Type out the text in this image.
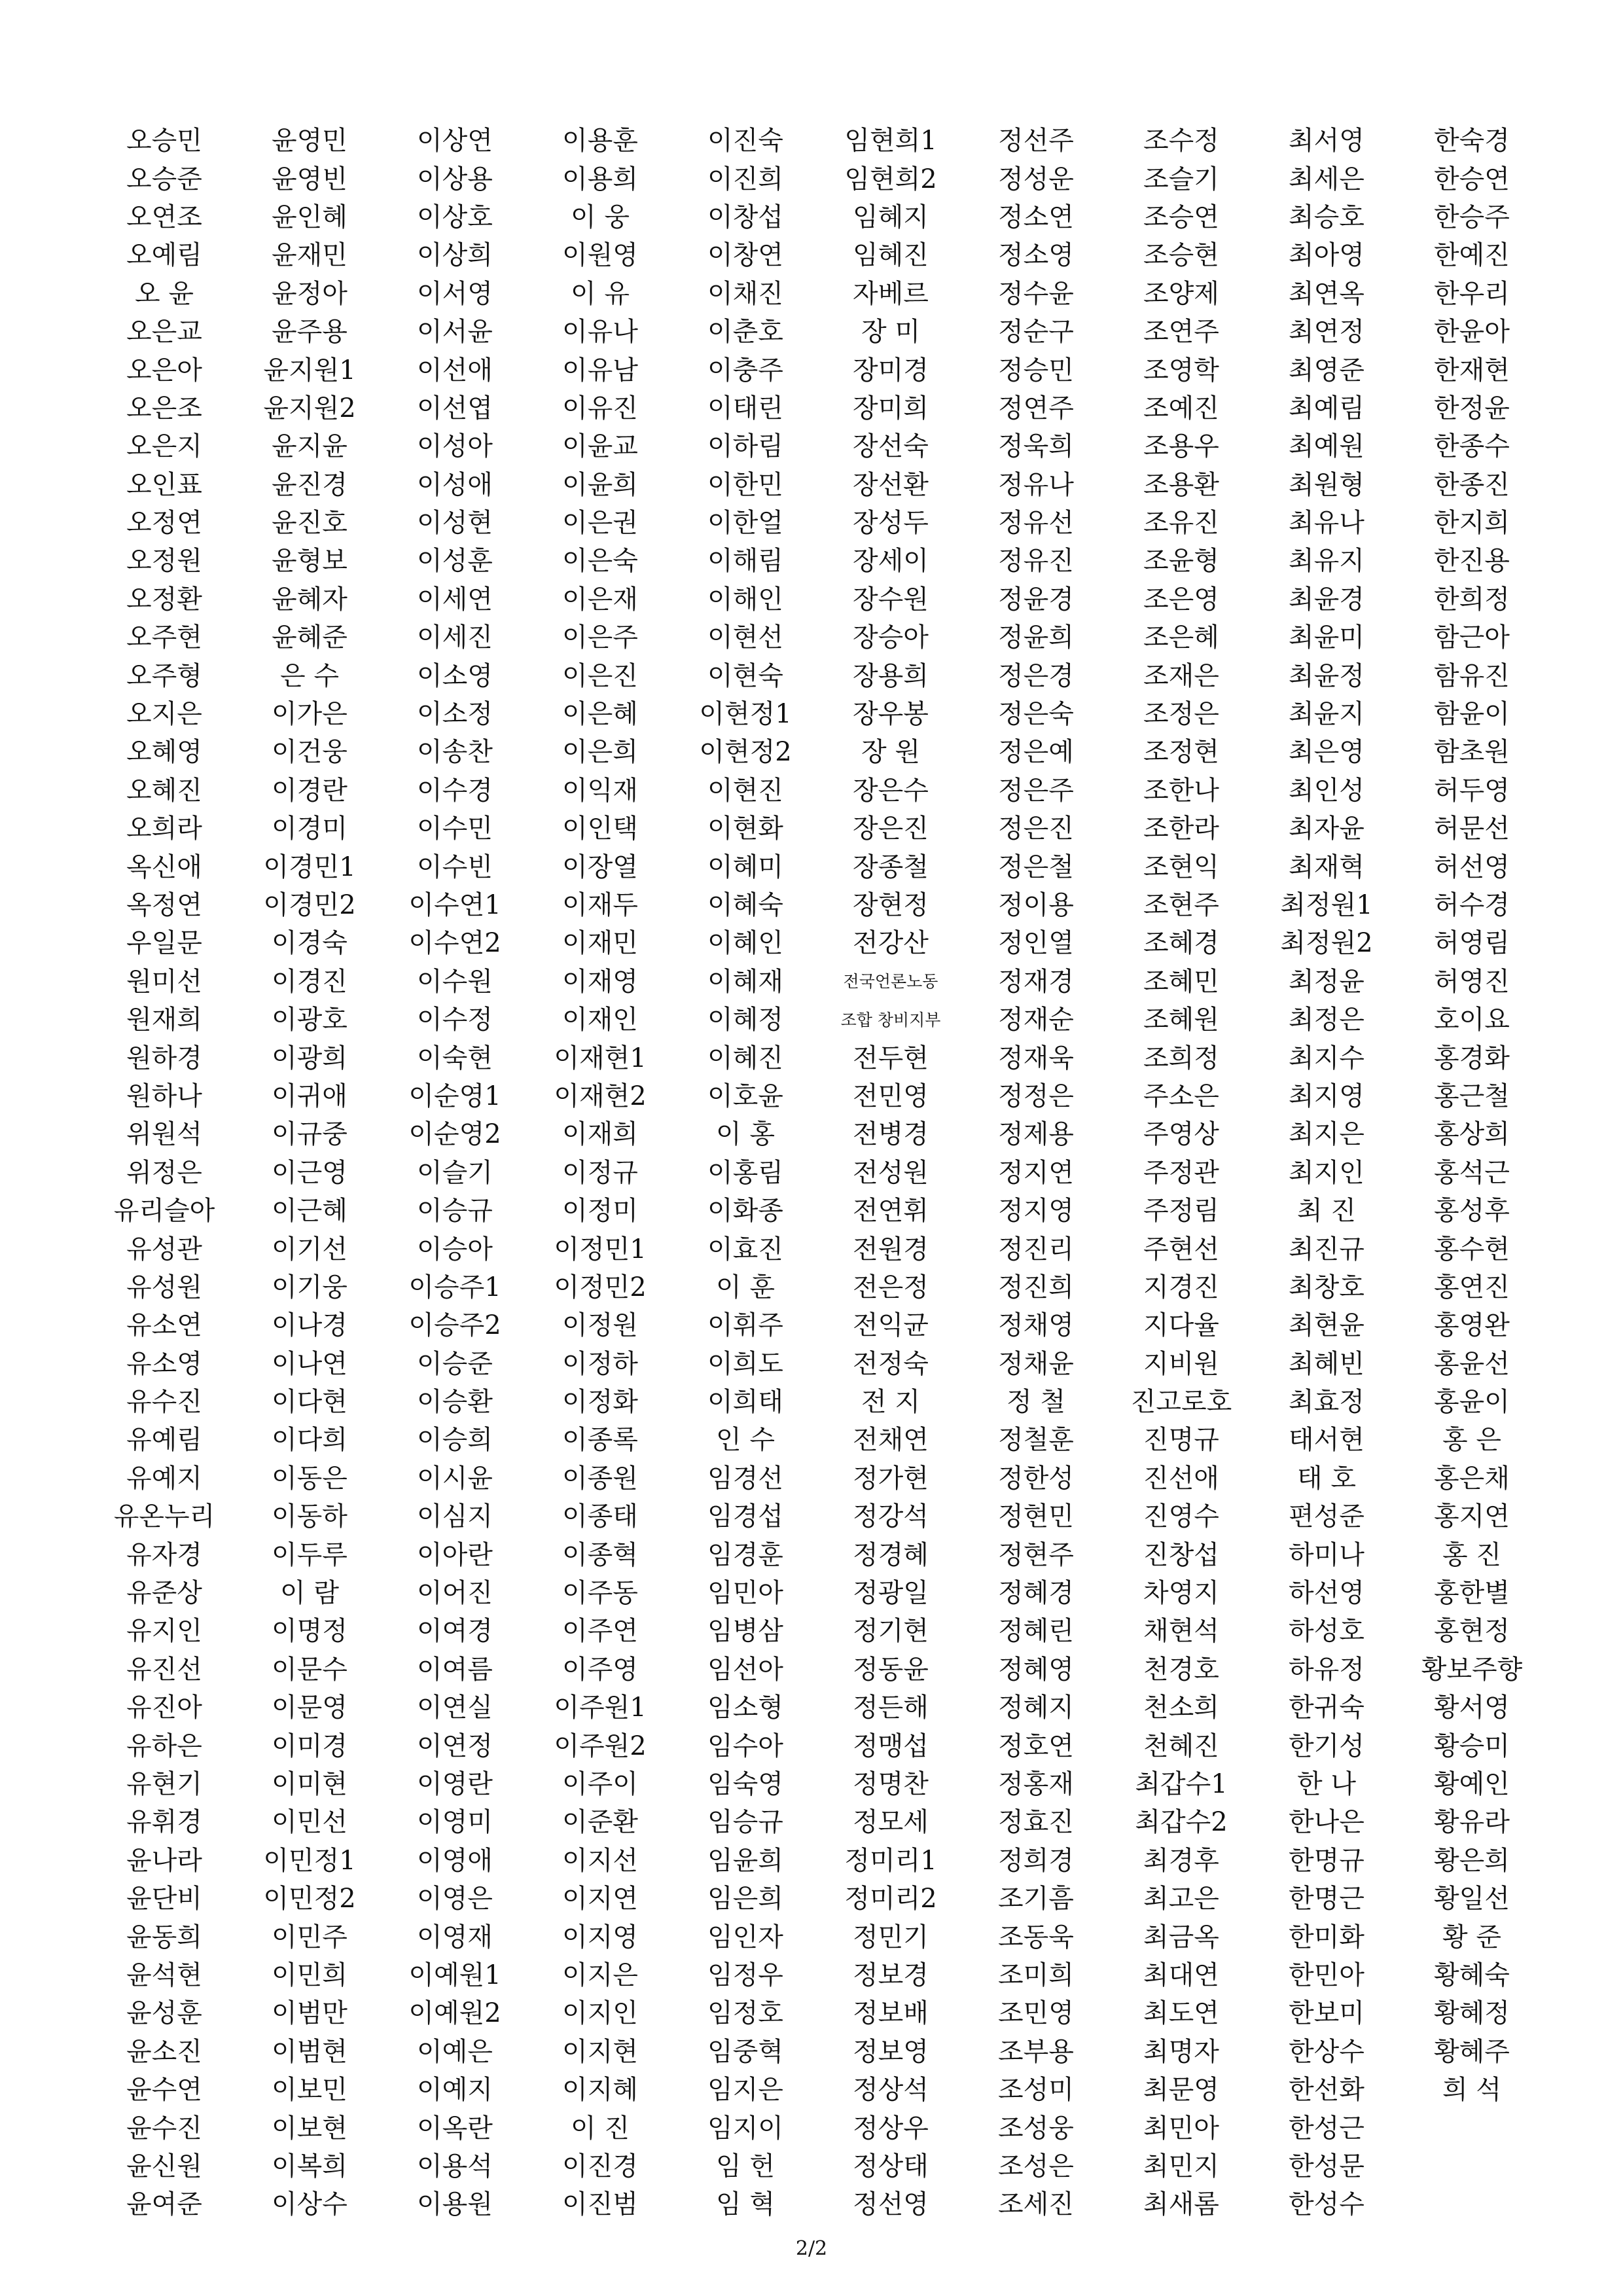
오승민	윤영민	이상연	이용훈	이진숙	임현희1	정선주	조수정	최서영	한숙경
오승준	윤영빈	이상용	이용희	이진희	임현희2	정성운	조슬기	최세은	한승연
오연조	윤인혜	이상호	이 웅	이창섭	임혜지	정소연	조승연	최승호	한승주
오예림	윤재민	이상희	이원영	이창연	임혜진	정소영	조승현	최아영	한예진
오 윤	윤정아	이서영	이 유	이채진	자베르	정수윤	조양제	최연옥	한우리
오은교	윤주용	이서윤	이유나	이춘호	장 미	정순구	조연주	최연정	한윤아
오은아	윤지원1	이선애	이유남	이충주	장미경	정승민	조영학	최영준	한재현
오은조	윤지원2	이선엽	이유진	이태린	장미희	정연주	조예진	최예림	한정윤
오은지	윤지윤	이성아	이윤교	이하림	장선숙	정욱희	조용우	최예원	한종수
오인표	윤진경	이성애	이윤희	이한민	장선환	정유나	조용환	최원형	한종진
오정연	윤진호	이성현	이은권	이한얼	장성두	정유선	조유진	최유나	한지희
오정원	윤형보	이성훈	이은숙	이해림	장세이	정유진	조윤형	최유지	한진용
오정환	윤혜자	이세연	이은재	이해인	장수원	정윤경	조은영	최윤경	한희정
오주현	윤혜준	이세진	이은주	이현선	장승아	정윤희	조은혜	최윤미	함근아
오주형	은 수	이소영	이은진	이현숙	장용희	정은경	조재은	최윤정	함유진
오지은	이가은	이소정	이은혜	이현정1	장우봉	정은숙	조정은	최윤지	함윤이
오혜영	이건웅	이송찬	이은희	이현정2	장 원	정은예	조정현	최은영	함초원
오혜진	이경란	이수경	이익재	이현진	장은수	정은주	조한나	최인성	허두영
오희라	이경미	이수민	이인택	이현화	장은진	정은진	조한라	최자윤	허문선
옥신애	이경민1	이수빈	이장열	이혜미	장종철	정은철	조현익	최재혁	허선영
옥정연	이경민2	이수연1	이재두	이혜숙	장현정	정이용	조현주	최정원1	허수경
우일문	이경숙	이수연2	이재민	이혜인	전강산	정인열	조혜경	최정원2	허영림
원미선	이경진	이수원	이재영	이혜재	전국언론노동	정재경	조혜민	최정윤	허영진
원재희	이광호	이수정	이재인	이혜정	조합 창비지부	정재순	조혜원	최정은	호이요
원하경	이광희	이숙현	이재현1	이혜진	전두현	정재욱	조희정	최지수	홍경화
원하나	이귀애	이순영1	이재현2	이호윤	전민영	정정은	주소은	최지영	홍근철
위원석	이규중	이순영2	이재희	이 홍	전병경	정제용	주영상	최지은	홍상희
위정은	이근영	이슬기	이정규	이홍림	전성원	정지연	주정관	최지인	홍석근
유리슬아	이근혜	이승규	이정미	이화종	전연휘	정지영	주정림	최 진	홍성후
유성관	이기선	이승아	이정민1	이효진	전원경	정진리	주현선	최진규	홍수현
유성원	이기웅	이승주1	이정민2	이 훈	전은정	정진희	지경진	최창호	홍연진
유소연	이나경	이승주2	이정원	이휘주	전익균	정채영	지다율	최현윤	홍영완
유소영	이나연	이승준	이정하	이희도	전정숙	정채윤	지비원	최혜빈	홍윤선
유수진	이다현	이승환	이정화	이희태	전 지	정 철	진고로호	최효정	홍윤이
유예림	이다희	이승희	이종록	인 수	전채연	정철훈	진명규	태서현	홍 은
유예지	이동은	이시윤	이종원	임경선	정가현	정한성	진선애	태 호	홍은채
유온누리	이동하	이심지	이종태	임경섭	정강석	정현민	진영수	편성준	홍지연
유자경	이두루	이아란	이종혁	임경훈	정경혜	정현주	진창섭	하미나	홍 진
유준상	이 람	이어진	이주동	임민아	정광일	정혜경	차영지	하선영	홍한별
유지인	이명정	이여경	이주연	임병삼	정기현	정혜린	채현석	하성호	홍현정
유진선	이문수	이여름	이주영	임선아	정동윤	정혜영	천경호	하유정	황보주향
유진아	이문영	이연실	이주원1	임소형	정든해	정혜지	천소희	한귀숙	황서영
유하은	이미경	이연정	이주원2	임수아	정맹섭	정호연	천혜진	한기성	황승미
유현기	이미현	이영란	이주이	임숙영	정명찬	정홍재	최갑수1	한 나	황예인
유휘경	이민선	이영미	이준환	임승규	정모세	정효진	최갑수2	한나은	황유라
윤나라	이민정1	이영애	이지선	임윤희	정미리1	정희경	최경후	한명규	황은희
윤단비	이민정2	이영은	이지연	임은희	정미리2	조기흠	최고은	한명근	황일선
윤동희	이민주	이영재	이지영	임인자	정민기	조동욱	최금옥	한미화	황 준
윤석현	이민희	이예원1	이지은	임정우	정보경	조미희	최대연	한민아	황혜숙
윤성훈	이범만	이예원2	이지인	임정호	정보배	조민영	최도연	한보미	황혜정
윤소진	이범현	이예은	이지현	임중혁	정보영	조부용	최명자	한상수	황혜주
윤수연	이보민	이예지	이지혜	임지은	정상석	조성미	최문영	한선화	희 석
윤수진	이보현	이옥란	이 진	임지이	정상우	조성웅	최민아	한성근
윤신원	이복희	이용석	이진경	임 헌	정상태	조성은	최민지	한성문
윤여준	이상수	이용원	이진범	임 혁	정선영	조세진	최새롬	한성수
2/2
